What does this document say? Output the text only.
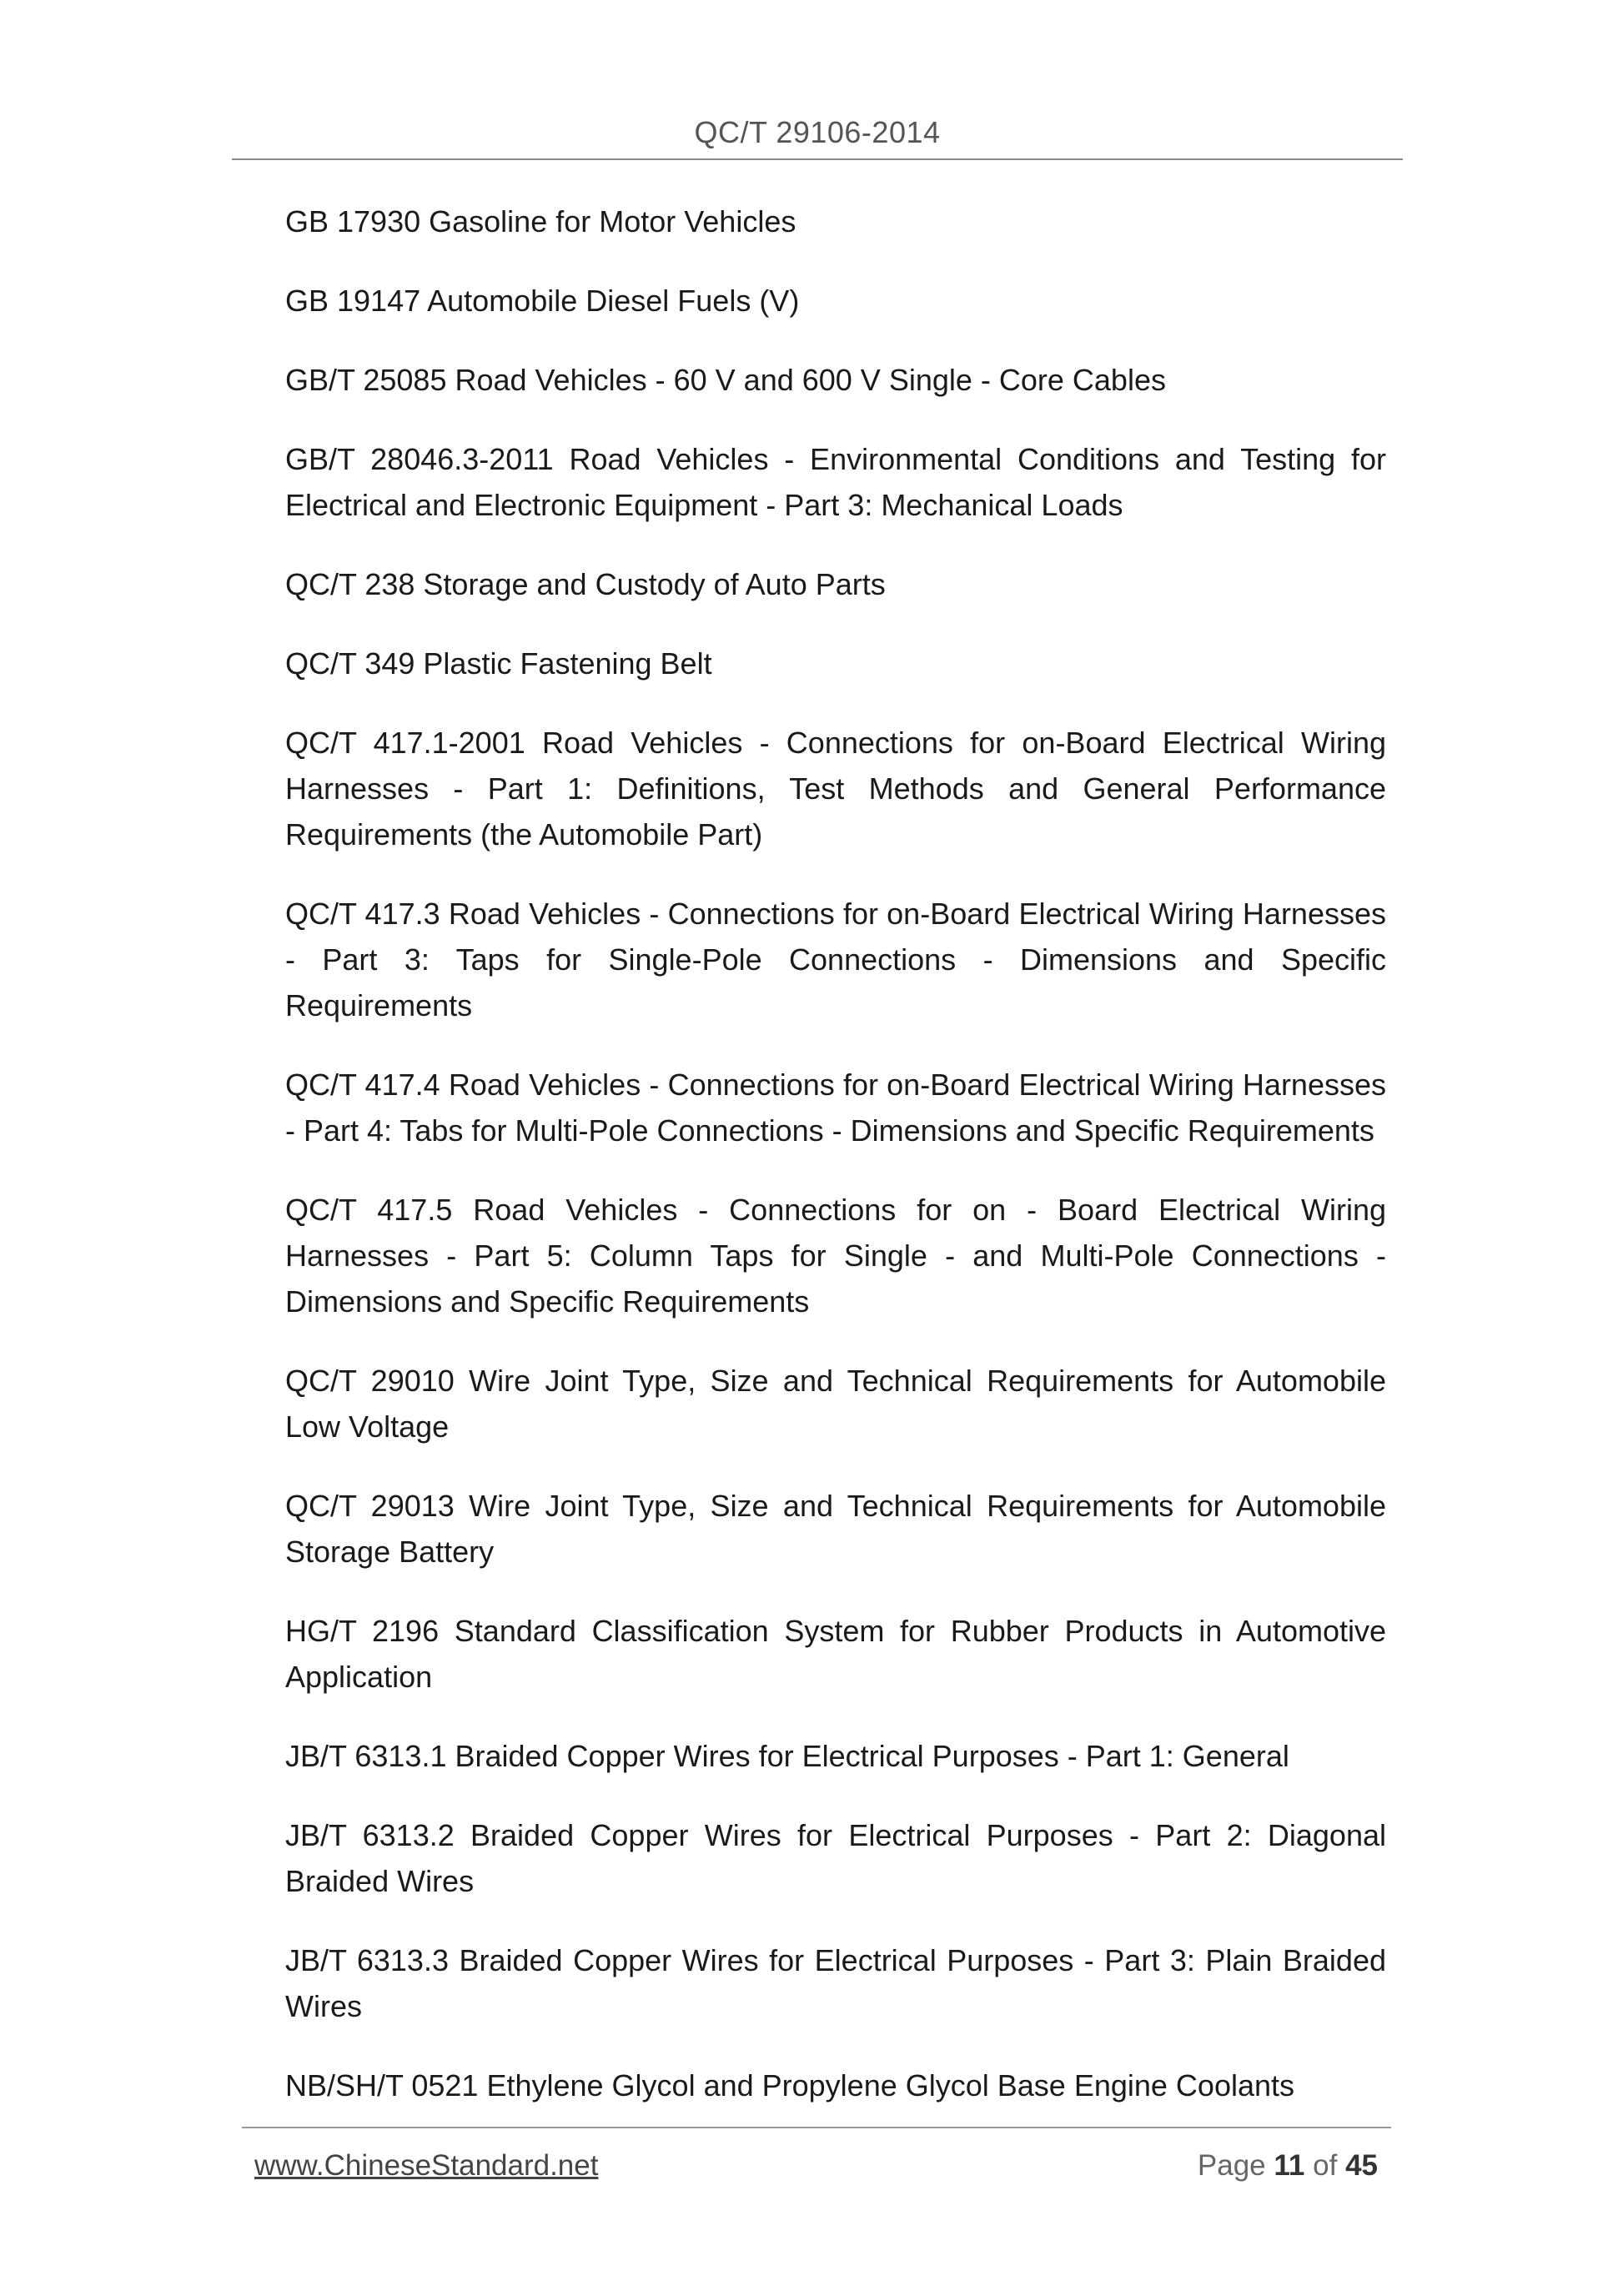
QC/T 29106-2014

GB 17930 Gasoline for Motor Vehicles

GB 19147 Automobile Diesel Fuels (V)

GB/T 25085 Road Vehicles - 60 V and 600 V Single - Core Cables

GB/T 28046.3-2011 Road Vehicles - Environmental Conditions and Testing for Electrical and Electronic Equipment - Part 3: Mechanical Loads

QC/T 238 Storage and Custody of Auto Parts

QC/T 349 Plastic Fastening Belt

QC/T 417.1-2001 Road Vehicles - Connections for on-Board Electrical Wiring Harnesses - Part 1: Definitions, Test Methods and General Performance Requirements (the Automobile Part)

QC/T 417.3 Road Vehicles - Connections for on-Board Electrical Wiring Harnesses - Part 3: Taps for Single-Pole Connections - Dimensions and Specific Requirements

QC/T 417.4 Road Vehicles - Connections for on-Board Electrical Wiring Harnesses - Part 4: Tabs for Multi-Pole Connections - Dimensions and Specific Requirements

QC/T 417.5 Road Vehicles - Connections for on - Board Electrical Wiring Harnesses - Part 5: Column Taps for Single - and Multi-Pole Connections - Dimensions and Specific Requirements

QC/T 29010 Wire Joint Type, Size and Technical Requirements for Automobile Low Voltage

QC/T 29013 Wire Joint Type, Size and Technical Requirements for Automobile Storage Battery

HG/T 2196 Standard Classification System for Rubber Products in Automotive Application

JB/T 6313.1 Braided Copper Wires for Electrical Purposes - Part 1: General

JB/T 6313.2 Braided Copper Wires for Electrical Purposes - Part 2: Diagonal Braided Wires

JB/T 6313.3 Braided Copper Wires for Electrical Purposes - Part 3: Plain Braided Wires

NB/SH/T 0521 Ethylene Glycol and Propylene Glycol Base Engine Coolants

www.ChineseStandard.net	Page 11 of 45
